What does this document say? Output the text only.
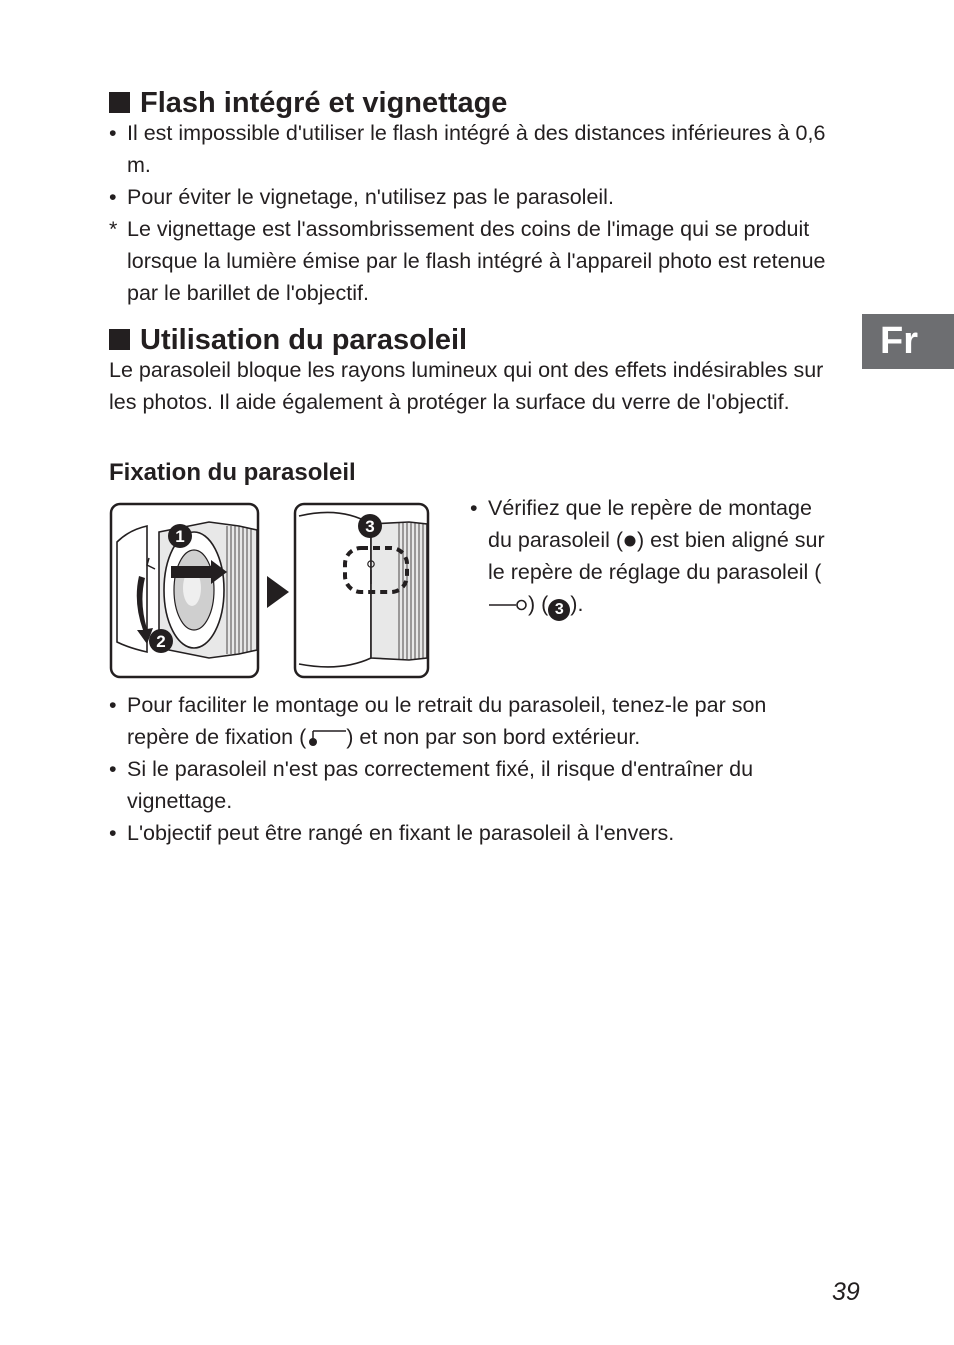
Flash intégré et vignettage
• Il est impossible d'utiliser le flash intégré à des distances inférieures à 0,6 m.
• Pour éviter le vignetage, n'utilisez pas le parasoleil.
* Le vignettage est l'assombrissement des coins de l'image qui se produit lorsque la lumière émise par le flash intégré à l'appareil photo est retenue par le barillet de l'objectif.
Utilisation du parasoleil

Le parasoleil bloque les rayons lumineux qui ont des effets indésirables sur les photos. Il aide également à protéger la surface du verre de l'objectif.

Fixation du parasoleil
1
2
3
• Vérifiez que le repère de montage du parasoleil ( ) est bien aligné sur le repère de réglage du parasoleil () ( 3 ).
• Pour faciliter le montage ou le retrait du parasoleil, tenez-le par son repère de fixation ( ) et non par son bord extérieur.
• Si le parasoleil n'est pas correctement fixé, il risque d'entraîner du vignettage.
• L'objectif peut être rangé en fixant le parasoleil à l'envers.
Fr
39
